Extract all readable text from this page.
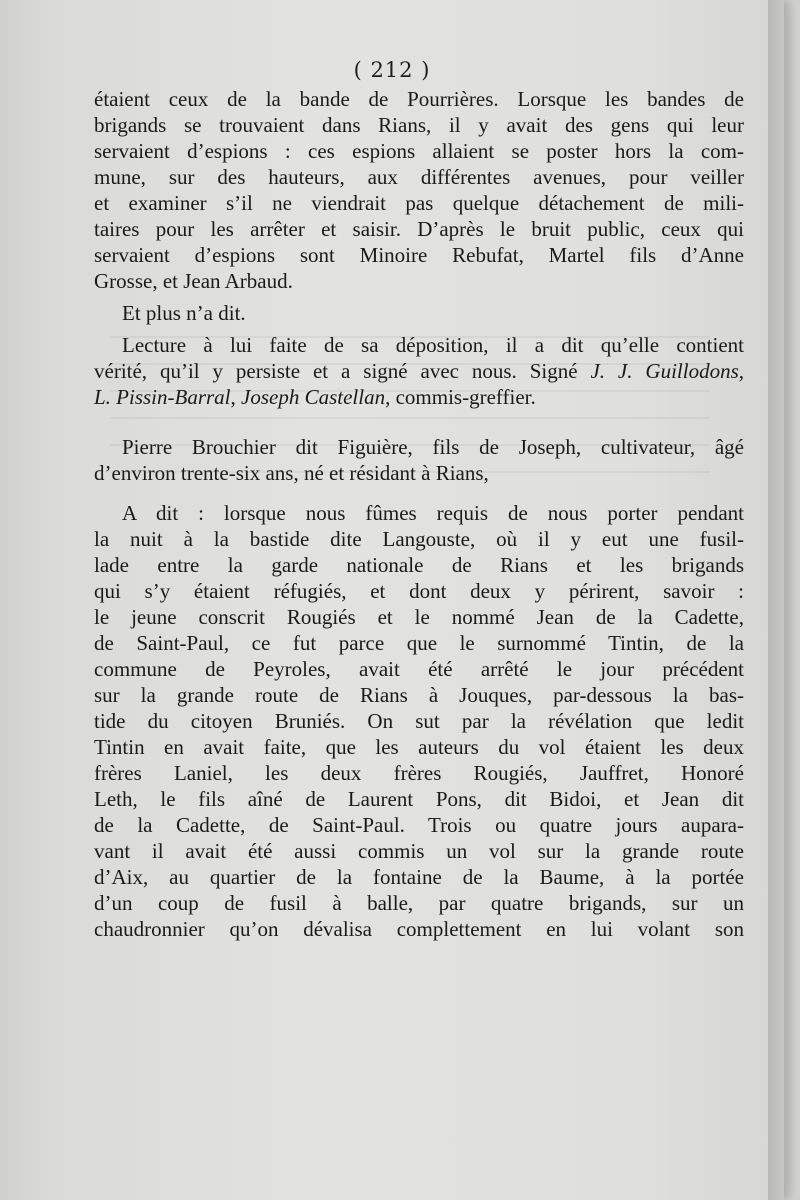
( 212 )
étaient ceux de la bande de Pourrières. Lorsque les bandes de
brigands se trouvaient dans Rians, il y avait des gens qui leur
servaient d’espions : ces espions allaient se poster hors la com-
mune, sur des hauteurs, aux différentes avenues, pour veiller
et examiner s’il ne viendrait pas quelque détachement de mili-
taires pour les arrêter et saisir. D’après le bruit public, ceux qui
servaient d’espions sont Minoire Rebufat, Martel fils d’Anne
Grosse, et Jean Arbaud.
Et plus n’a dit.
Lecture à lui faite de sa déposition, il a dit qu’elle contient
vérité, qu’il y persiste et a signé avec nous. Signé J. J. Guillodons,
L. Pissin-Barral, Joseph Castellan, commis-greffier.
Pierre Brouchier dit Figuière, fils de Joseph, cultivateur, âgé
d’environ trente-six ans, né et résidant à Rians,
A dit : lorsque nous fûmes requis de nous porter pendant
la nuit à la bastide dite Langouste, où il y eut une fusil-
lade entre la garde nationale de Rians et les brigands
qui s’y étaient réfugiés, et dont deux y périrent, savoir :
le jeune conscrit Rougiés et le nommé Jean de la Cadette,
de Saint-Paul, ce fut parce que le surnommé Tintin, de la
commune de Peyroles, avait été arrêté le jour précédent
sur la grande route de Rians à Jouques, par-dessous la bas-
tide du citoyen Bruniés. On sut par la révélation que ledit
Tintin en avait faite, que les auteurs du vol étaient les deux
frères Laniel, les deux frères Rougiés, Jauffret, Honoré
Leth, le fils aîné de Laurent Pons, dit Bidoi, et Jean dit
de la Cadette, de Saint-Paul. Trois ou quatre jours aupara-
vant il avait été aussi commis un vol sur la grande route
d’Aix, au quartier de la fontaine de la Baume, à la portée
d’un coup de fusil à balle, par quatre brigands, sur un
chaudronnier qu’on dévalisa complettement en lui volant son
